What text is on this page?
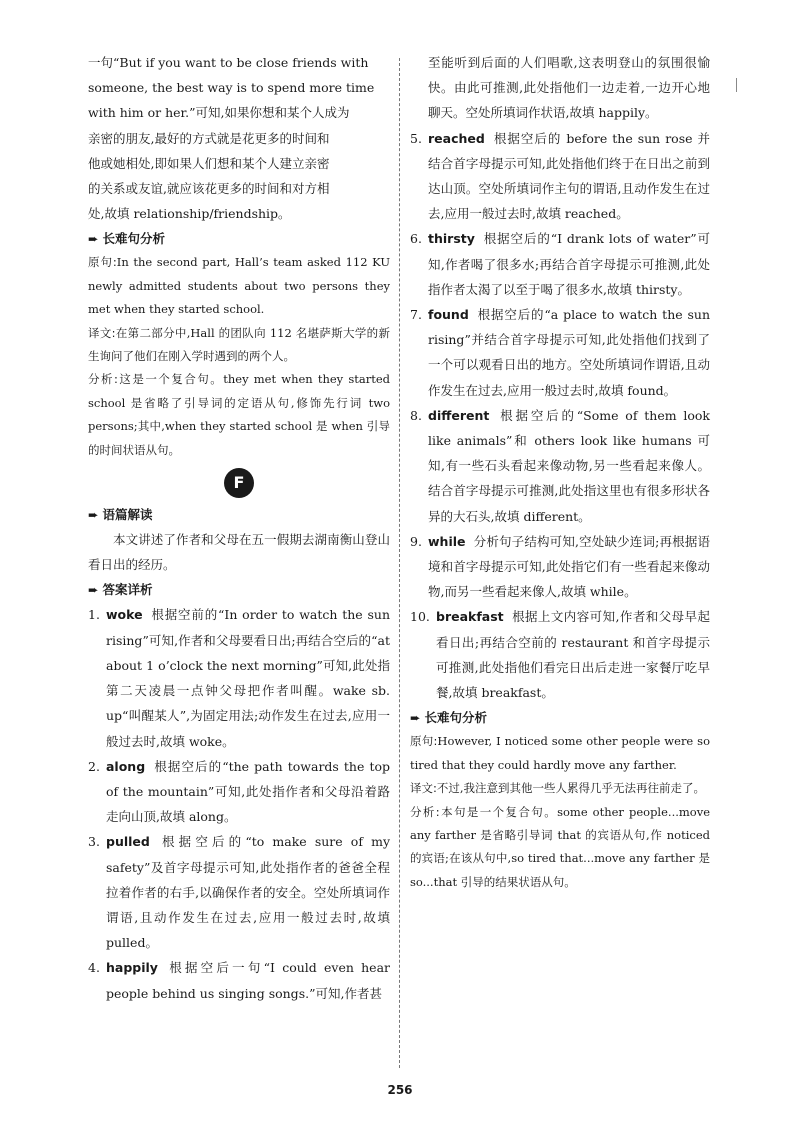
一句“But if you want to be close friends with
someone, the best way is to spend more time
with him or her.”可知,如果你想和某个人成为
亲密的朋友,最好的方式就是花更多的时间和
他或她相处,即如果人们想和某个人建立亲密
的关系或友谊,就应该花更多的时间和对方相
处,故填 relationship/friendship。
➨ 长难句分析
原句:In the second part, Hall’s team asked 112 KU newly admitted students about two persons they met when they started school.
译文:在第二部分中,Hall 的团队向 112 名堪萨斯大学的新生询问了他们在刚入学时遇到的两个人。
分析:这是一个复合句。they met when they started school 是省略了引导词的定语从句,修饰先行词 two persons;其中,when they started school 是 when 引导的时间状语从句。
F
➨ 语篇解读
本文讲述了作者和父母在五一假期去湖南衡山登山看日出的经历。
➨ 答案详析
1. woke 根据空前的“In order to watch the sun rising”可知,作者和父母要看日出;再结合空后的“at about 1 o’clock the next morning”可知,此处指第二天凌晨一点钟父母把作者叫醒。wake sb. up“叫醒某人”,为固定用法;动作发生在过去,应用一般过去时,故填 woke。
2. along 根据空后的“the path towards the top of the mountain”可知,此处指作者和父母沿着路走向山顶,故填 along。
3. pulled 根据空后的“to make sure of my safety”及首字母提示可知,此处指作者的爸爸全程拉着作者的右手,以确保作者的安全。空处所填词作谓语,且动作发生在过去,应用一般过去时,故填 pulled。
4. happily 根据空后一句“I could even hear people behind us singing songs.”可知,作者甚
至能听到后面的人们唱歌,这表明登山的氛围很愉快。由此可推测,此处指他们一边走着,一边开心地聊天。空处所填词作状语,故填 happily。
5. reached 根据空后的 before the sun rose 并结合首字母提示可知,此处指他们终于在日出之前到达山顶。空处所填词作主句的谓语,且动作发生在过去,应用一般过去时,故填 reached。
6. thirsty 根据空后的“I drank lots of water”可知,作者喝了很多水;再结合首字母提示可推测,此处指作者太渴了以至于喝了很多水,故填 thirsty。
7. found 根据空后的“a place to watch the sun rising”并结合首字母提示可知,此处指他们找到了一个可以观看日出的地方。空处所填词作谓语,且动作发生在过去,应用一般过去时,故填 found。
8. different 根据空后的“Some of them look like animals”和 others look like humans 可知,有一些石头看起来像动物,另一些看起来像人。结合首字母提示可推测,此处指这里也有很多形状各异的大石头,故填 different。
9. while 分析句子结构可知,空处缺少连词;再根据语境和首字母提示可知,此处指它们有一些看起来像动物,而另一些看起来像人,故填 while。
10. breakfast 根据上文内容可知,作者和父母早起看日出;再结合空前的 restaurant 和首字母提示可推测,此处指他们看完日出后走进一家餐厅吃早餐,故填 breakfast。
➨ 长难句分析
原句:However, I noticed some other people were so tired that they could hardly move any farther.
译文:不过,我注意到其他一些人累得几乎无法再往前走了。
分析:本句是一个复合句。some other people...move any farther 是省略引导词 that 的宾语从句,作 noticed 的宾语;在该从句中,so tired that...move any farther 是 so...that 引导的结果状语从句。
256
